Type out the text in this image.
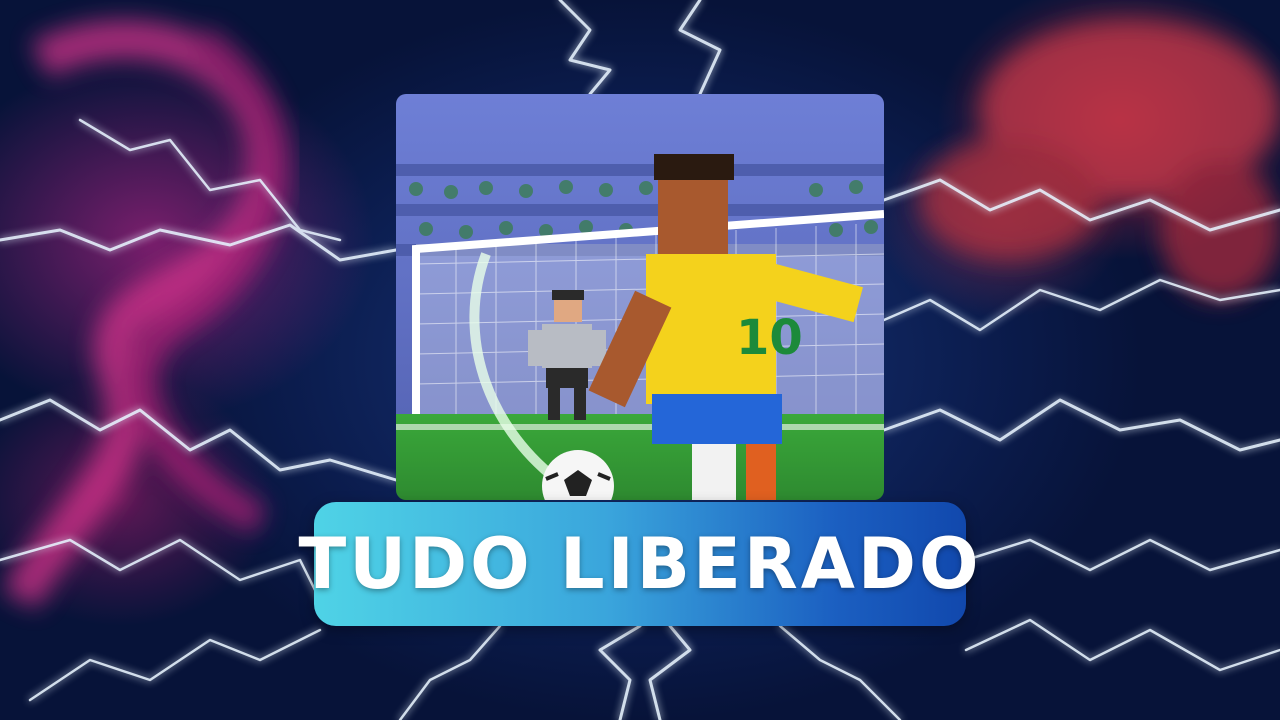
10
TUDO LIBERADO
